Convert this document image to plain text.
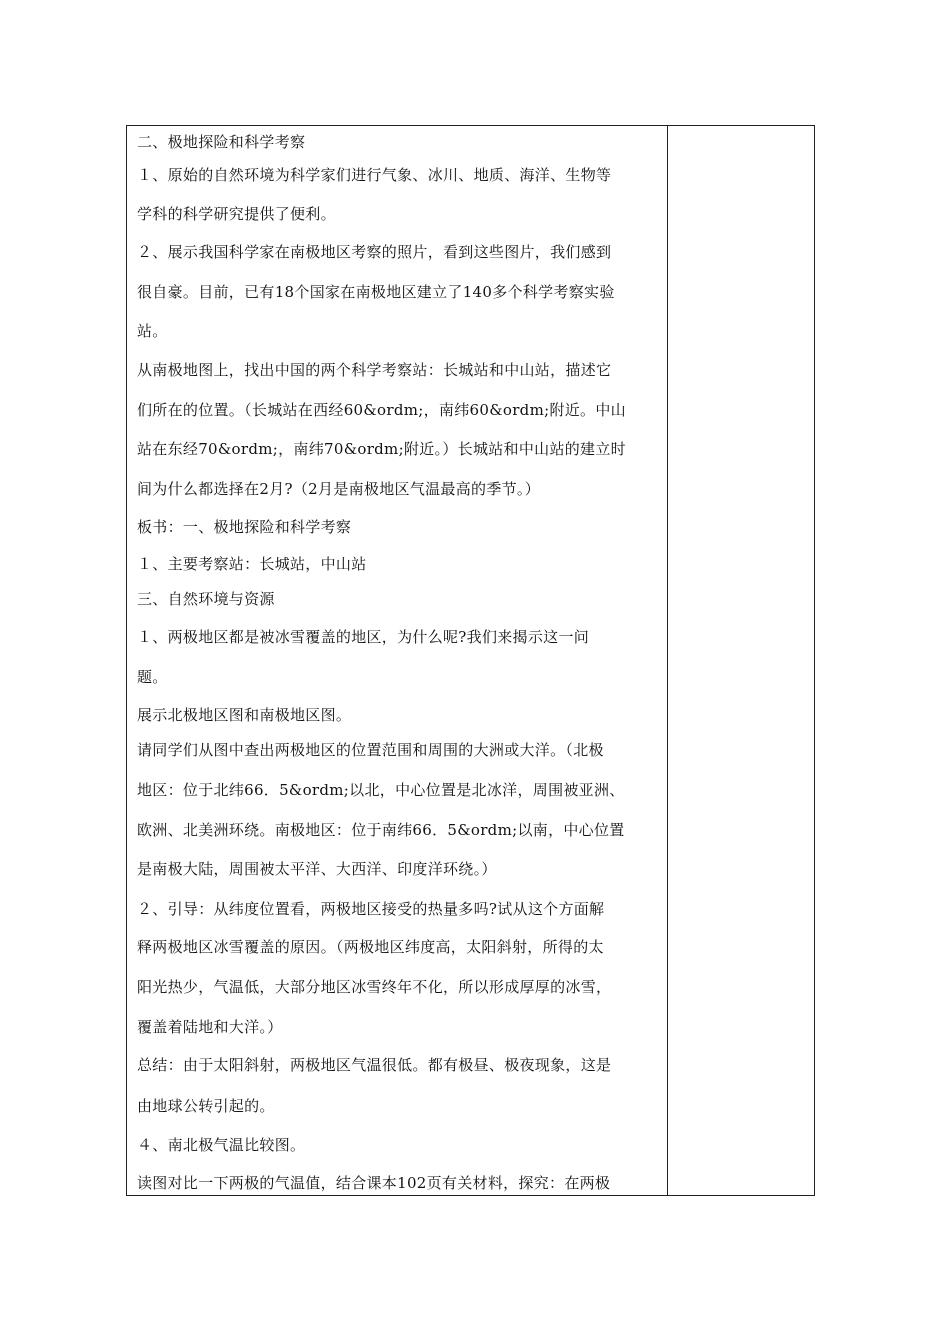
二、极地探险和科学考察
１、原始的自然环境为科学家们进行气象、冰川、地质、海洋、生物等
学科的科学研究提供了便利。
２、展示我国科学家在南极地区考察的照片，看到这些图片，我们感到
很自豪。目前，已有18个国家在南极地区建立了140多个科学考察实验
站。
从南极地图上，找出中国的两个科学考察站：长城站和中山站，描述它
们所在的位置。（长城站在西经60&ordm;，南纬60&ordm;附近。中山
站在东经70&ordm;，南纬70&ordm;附近。）长城站和中山站的建立时
间为什么都选择在2月?（2月是南极地区气温最高的季节。）
板书：一、极地探险和科学考察
１、主要考察站：长城站，中山站
三、自然环境与资源
１、两极地区都是被冰雪覆盖的地区，为什么呢?我们来揭示这一问
题。
展示北极地区图和南极地区图。
请同学们从图中查出两极地区的位置范围和周围的大洲或大洋。（北极
地区：位于北纬66．5&ordm;以北，中心位置是北冰洋，周围被亚洲、
欧洲、北美洲环绕。南极地区：位于南纬66．5&ordm;以南，中心位置
是南极大陆，周围被太平洋、大西洋、印度洋环绕。）
２、引导：从纬度位置看，两极地区接受的热量多吗?试从这个方面解
释两极地区冰雪覆盖的原因。（两极地区纬度高，太阳斜射，所得的太
阳光热少，气温低，大部分地区冰雪终年不化，所以形成厚厚的冰雪，
覆盖着陆地和大洋。）
总结：由于太阳斜射，两极地区气温很低。都有极昼、极夜现象，这是
由地球公转引起的。
４、南北极气温比较图。
读图对比一下两极的气温值，结合课本102页有关材料，探究：在两极
